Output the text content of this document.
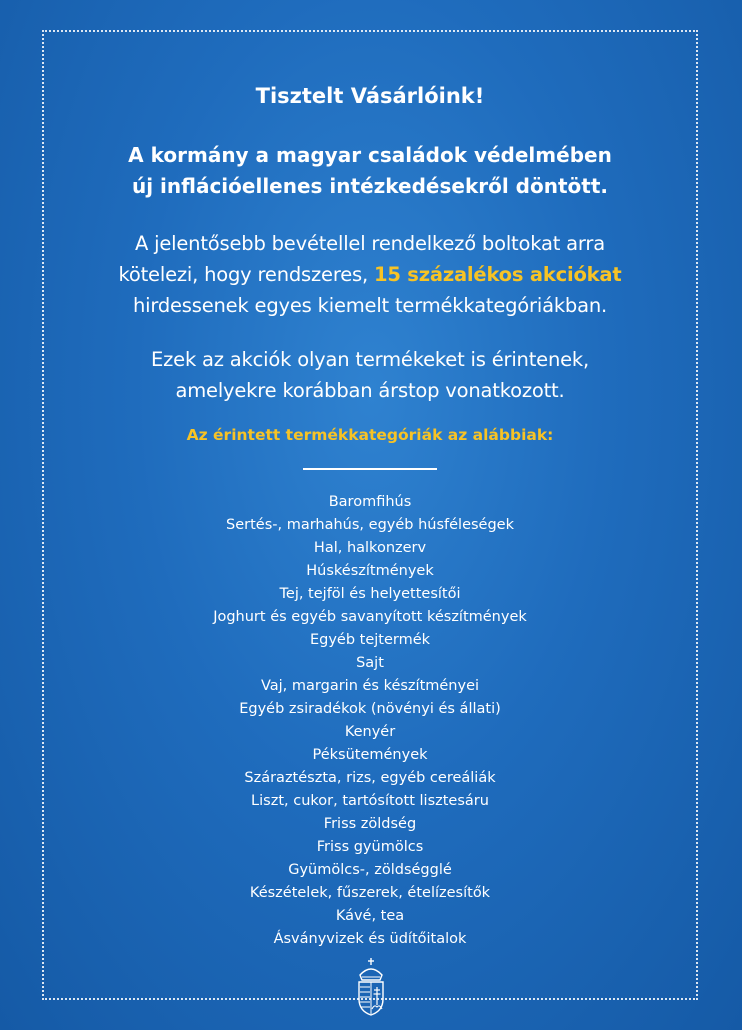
Tisztelt Vásárlóink!

A kormány a magyar családok védelmében
új inflációellenes intézkedésekről döntött.

A jelentősebb bevétellel rendelkező boltokat arra
kötelezi, hogy rendszeres, 15 százalékos akciókat
hirdessenek egyes kiemelt termékkategóriákban.

Ezek az akciók olyan termékeket is érintenek,
amelyekre korábban árstop vonatkozott.

Az érintett termékkategóriák az alábbiak:

Baromfihús
Sertés-, marhahús, egyéb húsféleségek
Hal, halkonzerv
Húskészítmények
Tej, tejföl és helyettesítői
Joghurt és egyéb savanyított készítmények
Egyéb tejtermék
Sajt
Vaj, margarin és készítményei
Egyéb zsiradékok (növényi és állati)
Kenyér
Péksütemények
Száraztészta, rizs, egyéb cereáliák
Liszt, cukor, tartósított lisztesáru
Friss zöldség
Friss gyümölcs
Gyümölcs-, zöldségglé
Készételek, fűszerek, ételízesítők
Kávé, tea
Ásványvizek és üdítőitalok
